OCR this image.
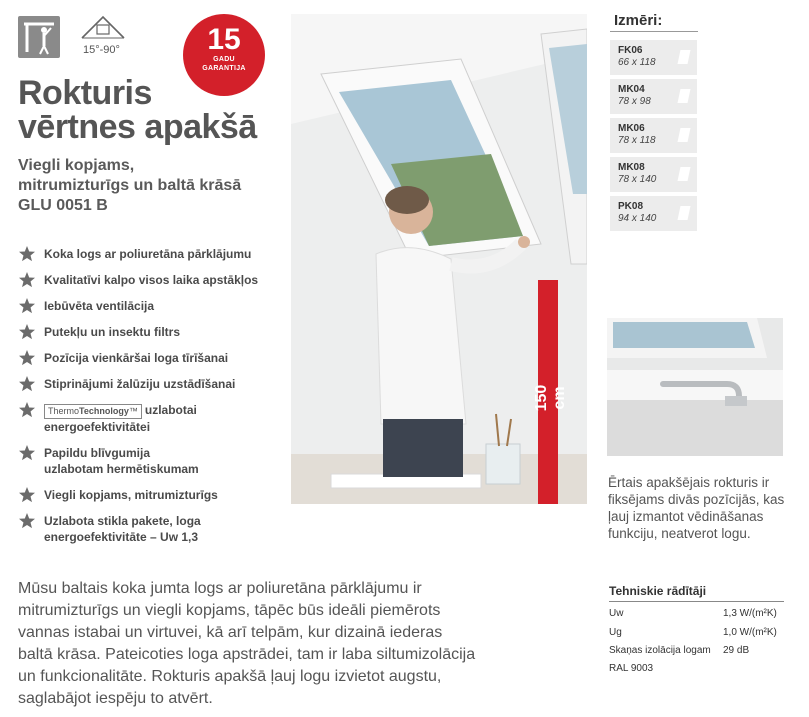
15°-90°	15
GADU
GARANTIJA
Rokturis
vērtnes apakšā
Viegli kopjams,
mitrumizturīgs un baltā krāsā
GLU 0051 B
Koka logs ar poliuretāna pārklājumu
Kvalitatīvi kalpo visos laika apstākļos
Iebūvēta ventilācija
Putekļu un insektu filtrs
Pozīcija vienkāršai loga tīrīšanai
Stiprinājumi žalūziju uzstādīšanai
ThermoTechnology™ uzlabotai
energoefektivitātei
Papildu blīvgumija
uzlabotam hermētiskumam
Viegli kopjams, mitrumizturīgs
Uzlabota stikla pakete, loga
energoefektivitāte – Uw 1,3
Mūsu baltais koka jumta logs ar poliuretāna pārklājumu ir mitrumizturīgs un viegli kopjams, tāpēc būs ideāli piemērots vannas istabai un virtuvei, kā arī telpām, kur dizainā iederas baltā krāsa. Pateicoties loga apstrādei, tam ir laba siltumizolācija un funkcionalitāte. Rokturis apakšā ļauj logu izvietot augstu, saglabājot iespēju to atvērt.
150 cm
Izmēri:
FK06
66 x 118
MK04
78 x 98
MK06
78 x 118
MK08
78 x 140
PK08
94 x 140
Ērtais apakšējais rokturis ir fiksējams divās pozīcijās, kas ļauj izmantot vēdināšanas funkciju, neatverot logu.
Tehniskie rādītāji
Uw	1,3 W/(m²K)
Ug	1,0 W/(m²K)
Skaņas izolācija logam 29 dB
RAL 9003
